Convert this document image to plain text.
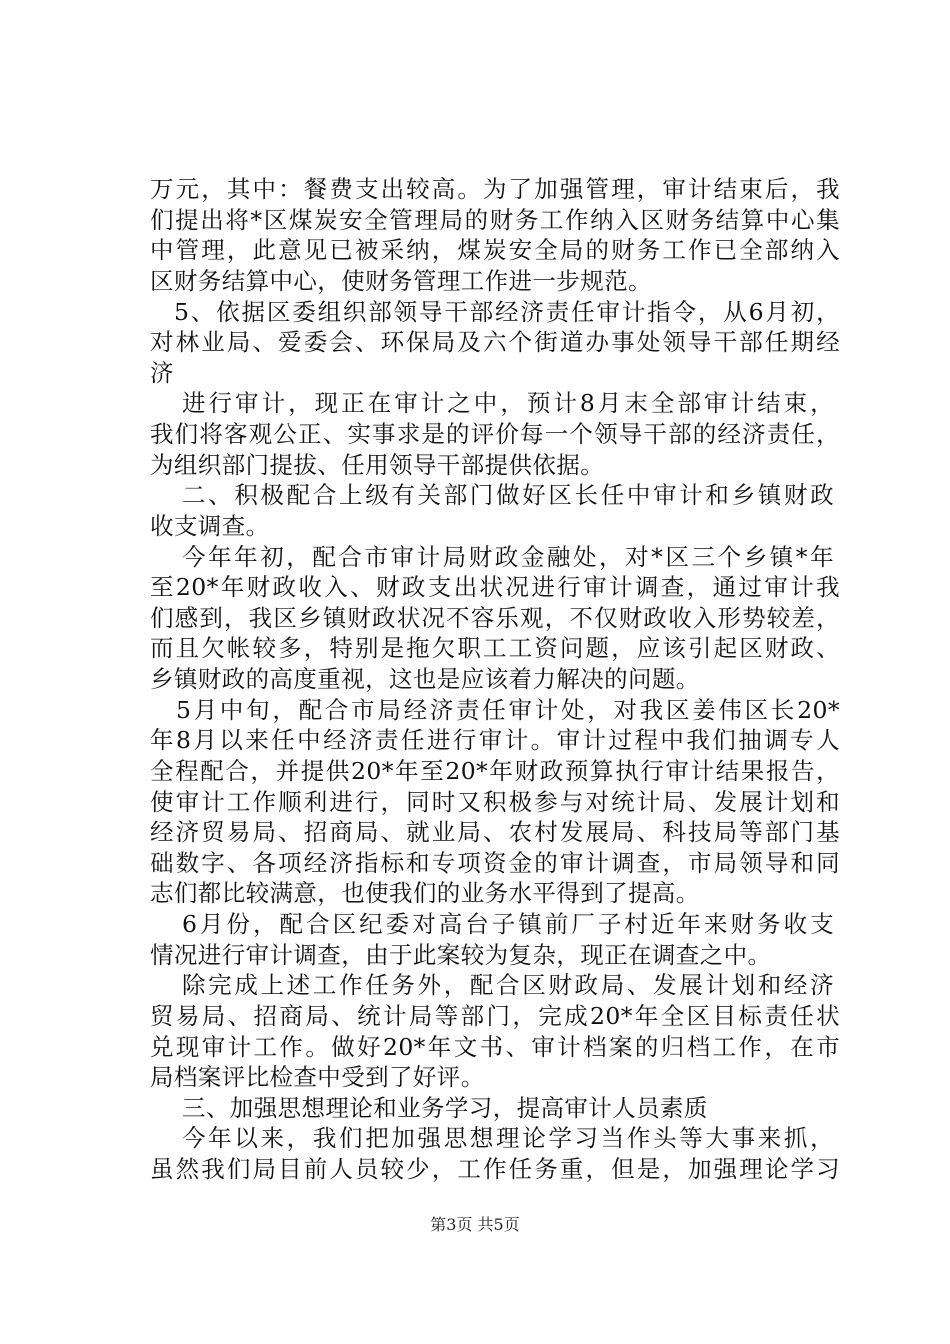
万元，其中：餐费支出较高。为了加强管理，审计结束后，我
们提出将*区煤炭安全管理局的财务工作纳入区财务结算中心集
中管理，此意见已被采纳，煤炭安全局的财务工作已全部纳入
区财务结算中心，使财务管理工作进一步规范。
5、依据区委组织部领导干部经济责任审计指令，从6月初，
对林业局、爱委会、环保局及六个街道办事处领导干部任期经
济
进行审计，现正在审计之中，预计8月末全部审计结束，
我们将客观公正、实事求是的评价每一个领导干部的经济责任，
为组织部门提拔、任用领导干部提供依据。
二、积极配合上级有关部门做好区长任中审计和乡镇财政
收支调查。
今年年初，配合市审计局财政金融处，对*区三个乡镇*年
至20*年财政收入、财政支出状况进行审计调查，通过审计我
们感到，我区乡镇财政状况不容乐观，不仅财政收入形势较差，
而且欠帐较多，特别是拖欠职工工资问题，应该引起区财政、
乡镇财政的高度重视，这也是应该着力解决的问题。
5月中旬，配合市局经济责任审计处，对我区姜伟区长20*
年8月以来任中经济责任进行审计。审计过程中我们抽调专人
全程配合，并提供20*年至20*年财政预算执行审计结果报告，
使审计工作顺利进行，同时又积极参与对统计局、发展计划和
经济贸易局、招商局、就业局、农村发展局、科技局等部门基
础数字、各项经济指标和专项资金的审计调查，市局领导和同
志们都比较满意，也使我们的业务水平得到了提高。
6月份，配合区纪委对高台子镇前厂子村近年来财务收支
情况进行审计调查，由于此案较为复杂，现正在调查之中。
除完成上述工作任务外，配合区财政局、发展计划和经济
贸易局、招商局、统计局等部门，完成20*年全区目标责任状
兑现审计工作。做好20*年文书、审计档案的归档工作，在市
局档案评比检查中受到了好评。
三、加强思想理论和业务学习，提高审计人员素质
今年以来，我们把加强思想理论学习当作头等大事来抓，
虽然我们局目前人员较少，工作任务重，但是，加强理论学习
第3页 共5页
